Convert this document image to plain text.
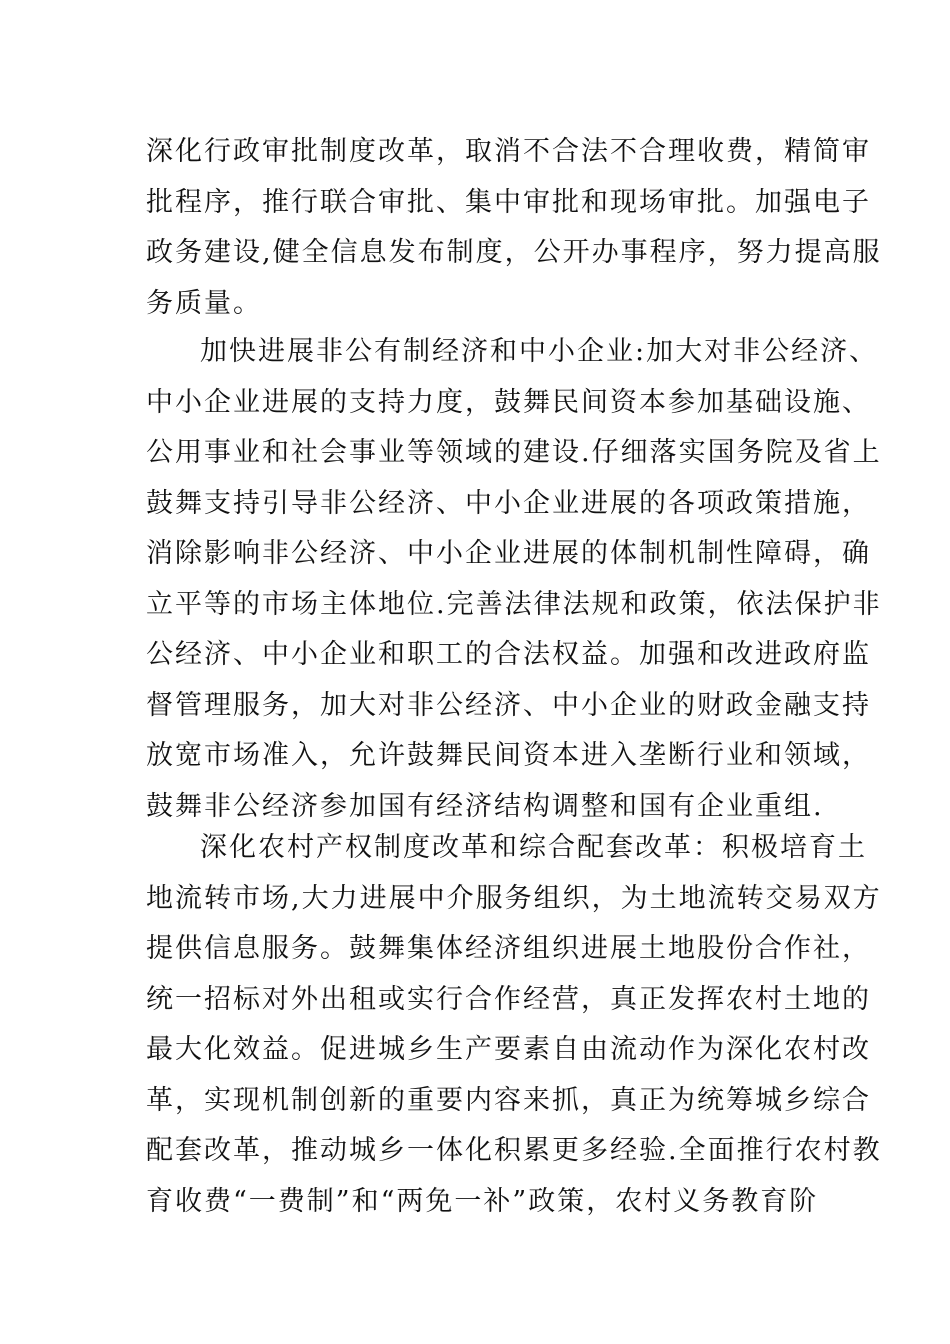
深化行政审批制度改革，取消不合法不合理收费，精简审
批程序，推行联合审批、集中审批和现场审批。加强电子
政务建设,健全信息发布制度，公开办事程序，努力提高服
务质量。
加快进展非公有制经济和中小企业:加大对非公经济、
中小企业进展的支持力度，鼓舞民间资本参加基础设施、
公用事业和社会事业等领域的建设.仔细落实国务院及省上
鼓舞支持引导非公经济、中小企业进展的各项政策措施，
消除影响非公经济、中小企业进展的体制机制性障碍，确
立平等的市场主体地位.完善法律法规和政策，依法保护非
公经济、中小企业和职工的合法权益。加强和改进政府监
督管理服务，加大对非公经济、中小企业的财政金融支持
放宽市场准入，允许鼓舞民间资本进入垄断行业和领域，
鼓舞非公经济参加国有经济结构调整和国有企业重组.
深化农村产权制度改革和综合配套改革：积极培育土
地流转市场,大力进展中介服务组织，为土地流转交易双方
提供信息服务。鼓舞集体经济组织进展土地股份合作社，
统一招标对外出租或实行合作经营，真正发挥农村土地的
最大化效益。促进城乡生产要素自由流动作为深化农村改
革，实现机制创新的重要内容来抓，真正为统筹城乡综合
配套改革，推动城乡一体化积累更多经验.全面推行农村教
育收费“一费制”和“两免一补”政策，农村义务教育阶
